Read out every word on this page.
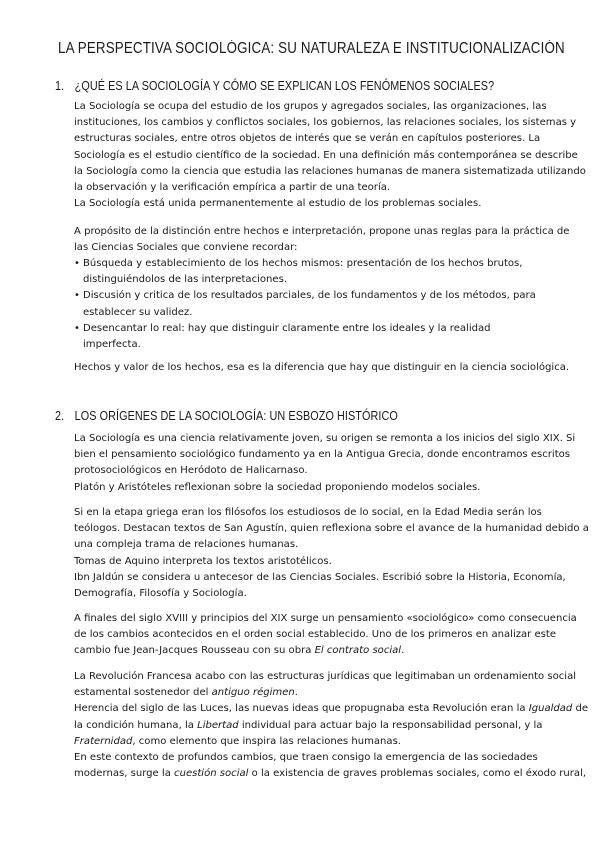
LA PERSPECTIVA SOCIOLÓGICA: SU NATURALEZA E INSTITUCIONALIZACIÓN
1. ¿QUÉ ES LA SOCIOLOGÍA Y CÓMO SE EXPLICAN LOS FENÓMENOS SOCIALES?
La Sociología se ocupa del estudio de los grupos y agregados sociales, las organizaciones, las
instituciones, los cambios y conflictos sociales, los gobiernos, las relaciones sociales, los sistemas y
estructuras sociales, entre otros objetos de interés que se verán en capítulos posteriores. La
Sociología es el estudio científico de la sociedad. En una definición más contemporánea se describe
la Sociología como la ciencia que estudia las relaciones humanas de manera sistematizada utilizando
la observación y la verificación empírica a partir de una teoría.
La Sociología está unida permanentemente al estudio de los problemas sociales.
A propósito de la distinción entre hechos e interpretación, propone unas reglas para la práctica de
las Ciencias Sociales que conviene recordar:
• Búsqueda y establecimiento de los hechos mismos: presentación de los hechos brutos,
distinguiéndolos de las interpretaciones.
• Discusión y critica de los resultados parciales, de los fundamentos y de los métodos, para
establecer su validez.
• Desencantar lo real: hay que distinguir claramente entre los ideales y la realidad
imperfecta.
Hechos y valor de los hechos, esa es la diferencia que hay que distinguir en la ciencia sociológica.
2. LOS ORÍGENES DE LA SOCIOLOGÍA: UN ESBOZO HISTÓRICO
La Sociología es una ciencia relativamente joven, su origen se remonta a los inicios del siglo XIX. Si
bien el pensamiento sociológico fundamento ya en la Antigua Grecia, donde encontramos escritos
protosociológicos en Heródoto de Halicarnaso.
Platón y Aristóteles reflexionan sobre la sociedad proponiendo modelos sociales.
Si en la etapa griega eran los filósofos los estudiosos de lo social, en la Edad Media serán los
teólogos. Destacan textos de San Agustín, quien reflexiona sobre el avance de la humanidad debido a
una compleja trama de relaciones humanas.
Tomas de Aquino interpreta los textos aristotélicos.
Ibn Jaldún se considera u antecesor de las Ciencias Sociales. Escribió sobre la Historia, Economía,
Demografía, Filosofía y Sociología.
A finales del siglo XVIII y principios del XIX surge un pensamiento «sociológico» como consecuencia
de los cambios acontecidos en el orden social establecido. Uno de los primeros en analizar este
cambio fue Jean-Jacques Rousseau con su obra El contrato social.
La Revolución Francesa acabo con las estructuras jurídicas que legitimaban un ordenamiento social
estamental sostenedor del antiguo régimen.
Herencia del siglo de las Luces, las nuevas ideas que propugnaba esta Revolución eran la Igualdad de
la condición humana, la Libertad individual para actuar bajo la responsabilidad personal, y la
Fraternidad, como elemento que inspira las relaciones humanas.
En este contexto de profundos cambios, que traen consigo la emergencia de las sociedades
modernas, surge la cuestión social o la existencia de graves problemas sociales, como el éxodo rural,
